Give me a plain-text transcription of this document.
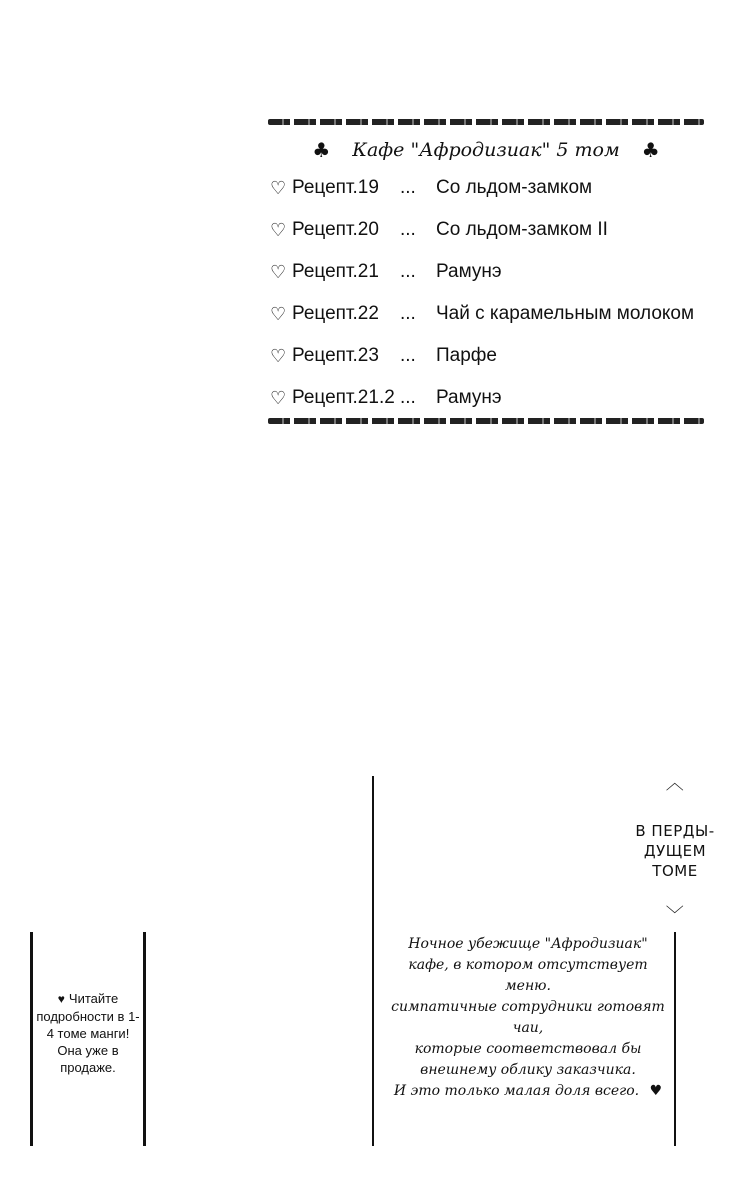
♣ Кафе "Афродизиак" 5 том ♣
♡ Рецепт.19	...	Со льдом-замком
♡ Рецепт.20	...	Со льдом-замком II
♡ Рецепт.21	...	Рамунэ
♡ Рецепт.22	...	Чай с карамельным молоком
♡ Рецепт.23	...	Парфе
♡ Рецепт.21.2 ...	Рамунэ
♥ Читайте подробности в 1-4 томе манги! Она уже в продаже.
︿
В ПЕРДЫ-
ДУЩЕМ
ТОМЕ
﹀
Ночное убежище "Афродизиак"
кафе, в котором отсутствует меню.
симпатичные сотрудники готовят чаи,
которые соответствовал бы
внешнему облику заказчика.
И это только малая доля всего. ♥
